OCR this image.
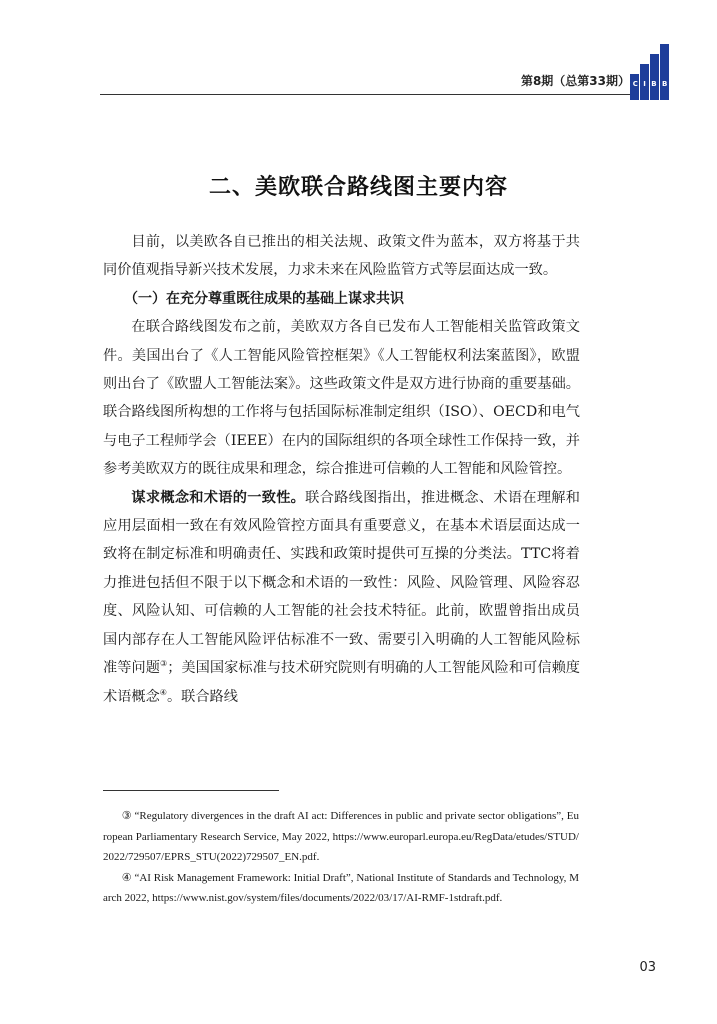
第8期（总第33期） C I B B
二、美欧联合路线图主要内容

目前，以美欧各自已推出的相关法规、政策文件为蓝本，双方将基于共同价值观指导新兴技术发展，力求未来在风险监管方式等层面达成一致。

（一）在充分尊重既往成果的基础上谋求共识

在联合路线图发布之前，美欧双方各自已发布人工智能相关监管政策文件。美国出台了《人工智能风险管控框架》《人工智能权利法案蓝图》，欧盟则出台了《欧盟人工智能法案》。这些政策文件是双方进行协商的重要基础。联合路线图所构想的工作将与包括国际标准制定组织（ISO）、OECD和电气与电子工程师学会（IEEE）在内的国际组织的各项全球性工作保持一致，并参考美欧双方的既往成果和理念，综合推进可信赖的人工智能和风险管控。

谋求概念和术语的一致性。联合路线图指出，推进概念、术语在理解和应用层面相一致在有效风险管控方面具有重要意义，在基本术语层面达成一致将在制定标准和明确责任、实践和政策时提供可互操的分类法。TTC将着力推进包括但不限于以下概念和术语的一致性：风险、风险管理、风险容忍度、风险认知、可信赖的人工智能的社会技术特征。此前，欧盟曾指出成员国内部存在人工智能风险评估标准不一致、需要引入明确的人工智能风险标准等问题③；美国国家标准与技术研究院则有明确的人工智能风险和可信赖度术语概念④。联合路线

③ “Regulatory divergences in the draft AI act: Differences in public and private sector obligations”, European Parliamentary Research Service, May 2022, https://www.europarl.europa.eu/RegData/etudes/STUD/2022/729507/EPRS_STU(2022)729507_EN.pdf.

④ “AI Risk Management Framework: Initial Draft”, National Institute of Standards and Technology, March 2022, https://www.nist.gov/system/files/documents/2022/03/17/AI-RMF-1stdraft.pdf.

03
